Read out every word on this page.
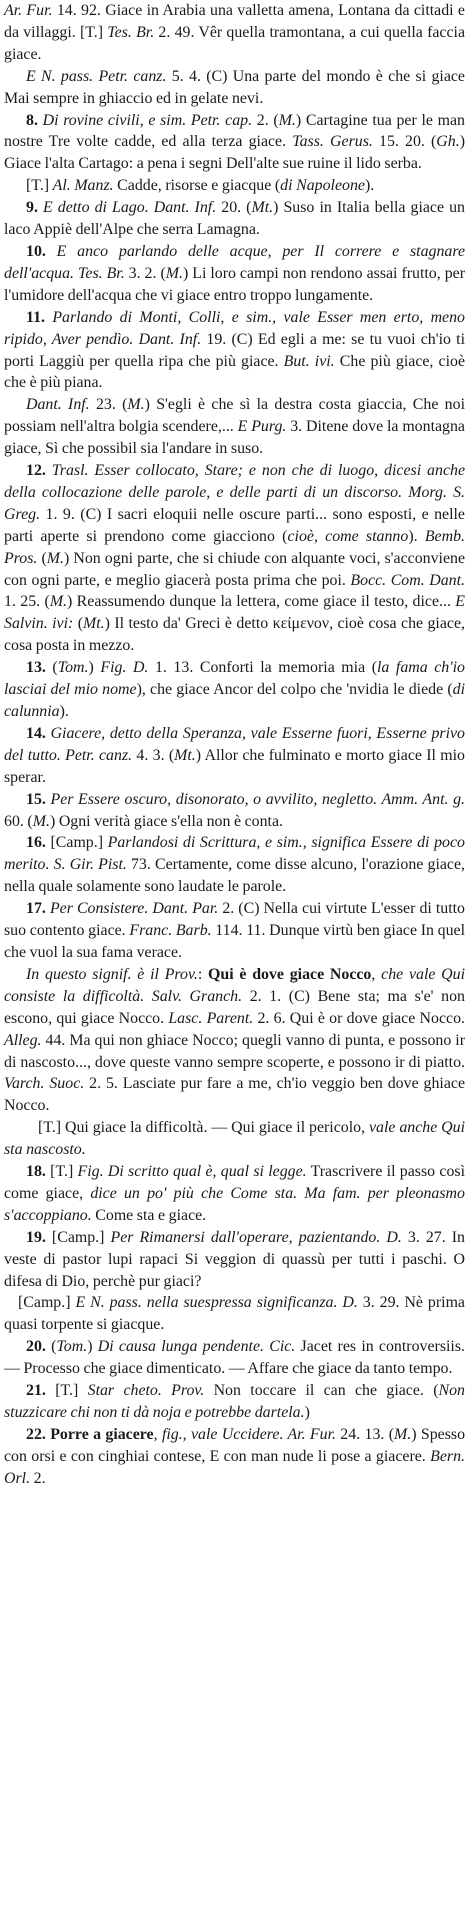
Ar. Fur. 14. 92. Giace in Arabia una valletta amena, Lontana da cittadi e da villaggi. [T.] Tes. Br. 2. 49. Vêr quella tramontana, a cui quella faccia giace.

E N. pass. Petr. canz. 5. 4. (C) Una parte del mondo è che si giace Mai sempre in ghiaccio ed in gelate nevi.

8. Di rovine civili, e sim. Petr. cap. 2. (M.) Cartagine tua per le man nostre Tre volte cadde, ed alla terza giace. Tass. Gerus. 15. 20. (Gh.) Giace l'alta Cartago: a pena i segni Dell'alte sue ruine il lido serba.

[T.] Al. Manz. Cadde, risorse e giacque (di Napoleone).

9. E detto di Lago. Dant. Inf. 20. (Mt.) Suso in Italia bella giace un laco Appiè dell'Alpe che serra Lamagna.

10. E anco parlando delle acque, per Il correre e stagnare dell'acqua. Tes. Br. 3. 2. (M.) Li loro campi non rendono assai frutto, per l'umidore dell'acqua che vi giace entro troppo lungamente.

11. Parlando di Monti, Colli, e sim., vale Esser men erto, meno ripido, Aver pendìo. Dant. Inf. 19. (C) Ed egli a me: se tu vuoi ch'io ti porti Laggiù per quella ripa che più giace. But. ivi. Che più giace, cioè che è più piana.

Dant. Inf. 23. (M.) S'egli è che sì la destra costa giaccia, Che noi possiam nell'altra bolgia scendere,... E Purg. 3. Ditene dove la montagna giace, Sì che possibil sia l'andare in suso.

12. Trasl. Esser collocato, Stare; e non che di luogo, dicesi anche della collocazione delle parole, e delle parti di un discorso. Morg. S. Greg. 1. 9. (C) I sacri eloquii nelle oscure parti... sono esposti, e nelle parti aperte si prendono come giacciono (cioè, come stanno). Bemb. Pros. (M.) Non ogni parte, che si chiude con alquante voci, s'acconviene con ogni parte, e meglio giacerà posta prima che poi. Bocc. Com. Dant. 1. 25. (M.) Reassumendo dunque la lettera, come giace il testo, dice... E Salvin. ivi: (Mt.) Il testo da' Greci è detto κείμενον, cioè cosa che giace, cosa posta in mezzo.

13. (Tom.) Fig. D. 1. 13. Conforti la memoria mia (la fama ch'io lasciai del mio nome), che giace Ancor del colpo che 'nvidia le diede (di calunnia).

14. Giacere, detto della Speranza, vale Esserne fuori, Esserne privo del tutto. Petr. canz. 4. 3. (Mt.) Allor che fulminato e morto giace Il mio sperar.

15. Per Essere oscuro, disonorato, o avvilito, negletto. Amm. Ant. g. 60. (M.) Ogni verità giace s'ella non è conta.

16. [Camp.] Parlandosi di Scrittura, e sim., significa Essere di poco merito. S. Gir. Pist. 73. Certamente, come disse alcuno, l'orazione giace, nella quale solamente sono laudate le parole.

17. Per Consistere. Dant. Par. 2. (C) Nella cui virtute L'esser di tutto suo contento giace. Franc. Barb. 114. 11. Dunque virtù ben giace In quel che vuol la sua fama verace.

In questo signif. è il Prov.: Qui è dove giace Nocco, che vale Qui consiste la difficoltà. Salv. Granch. 2. 1. (C) Bene sta; ma s'e' non escono, qui giace Nocco. Lasc. Parent. 2. 6. Qui è or dove giace Nocco. Alleg. 44. Ma qui non ghiace Nocco; quegli vanno di punta, e possono ir di nascosto..., dove queste vanno sempre scoperte, e possono ir di piatto. Varch. Suoc. 2. 5. Lasciate pur fare a me, ch'io veggio ben dove ghiace Nocco.

[T.] Qui giace la difficoltà. — Qui giace il pericolo, vale anche Qui sta nascosto.

18. [T.] Fig. Di scritto qual è, qual si legge. Trascrivere il passo così come giace, dice un po' più che Come sta. Ma fam. per pleonasmo s'accoppiano. Come sta e giace.

19. [Camp.] Per Rimanersi dall'operare, pazientando. D. 3. 27. In veste di pastor lupi rapaci Si veggion di quassù per tutti i paschi. O difesa di Dio, perchè pur giaci?

[Camp.] E N. pass. nella suespressa significanza. D. 3. 29. Nè prima quasi torpente si giacque.

20. (Tom.) Di causa lunga pendente. Cic. Jacet res in controversiis. — Processo che giace dimenticato. — Affare che giace da tanto tempo.

21. [T.] Star cheto. Prov. Non toccare il can che giace. (Non stuzzicare chi non ti dà noja e potrebbe dartela.)

22. Porre a giacere, fig., vale Uccidere. Ar. Fur. 24. 13. (M.) Spesso con orsi e con cinghiai contese, E con man nude li pose a giacere. Bern. Orl. 2.
